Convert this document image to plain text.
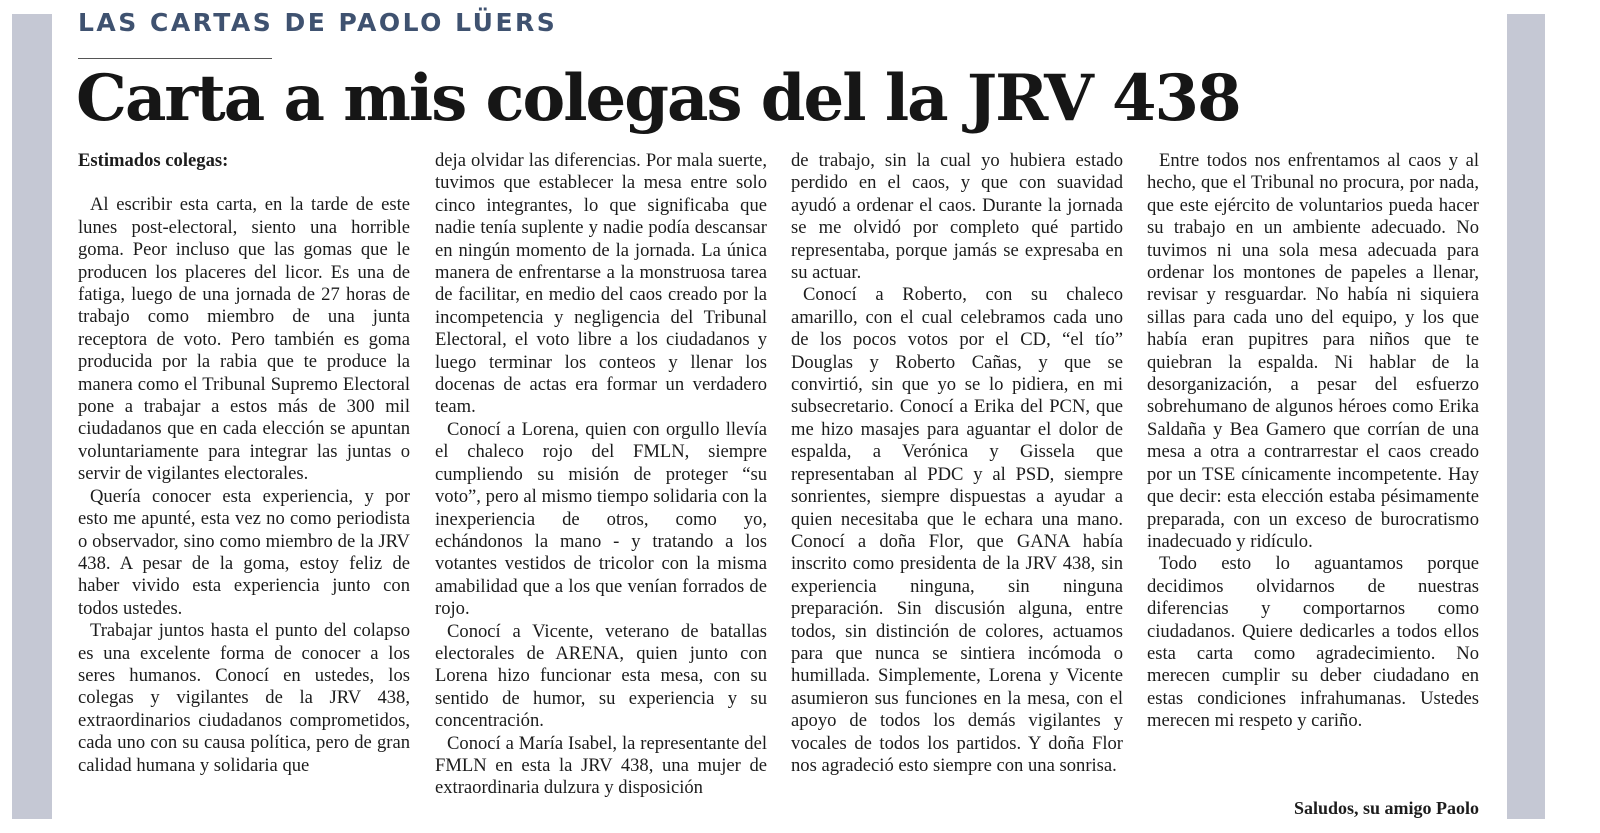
LAS CARTAS DE PAOLO LÜERS
Carta a mis colegas del la JRV 438

Estimados colegas:

Al escribir esta carta, en la tarde de este lunes post-electoral, siento una horrible goma. Peor incluso que las gomas que le producen los placeres del licor. Es una de fatiga, luego de una jornada de 27 horas de trabajo como miembro de una junta receptora de voto. Pero también es goma producida por la rabia que te produce la manera como el Tribunal Supremo Electoral pone a trabajar a estos más de 300 mil ciudadanos que en cada elección se apuntan voluntariamente para integrar las juntas o servir de vigilantes electorales.

Quería conocer esta experiencia, y por esto me apunté, esta vez no como periodista o observador, sino como miembro de la JRV 438. A pesar de la goma, estoy feliz de haber vivido esta experiencia junto con todos ustedes.

Trabajar juntos hasta el punto del colapso es una excelente forma de conocer a los seres humanos. Conocí en ustedes, los colegas y vigilantes de la JRV 438, extraordinarios ciudadanos comprometidos, cada uno con su causa política, pero de gran calidad humana y solidaria que

deja olvidar las diferencias. Por mala suerte, tuvimos que establecer la mesa entre solo cinco integrantes, lo que significaba que nadie tenía suplente y nadie podía descansar en ningún momento de la jornada. La única manera de enfrentarse a la monstruosa tarea de facilitar, en medio del caos creado por la incompetencia y negligencia del Tribunal Electoral, el voto libre a los ciudadanos y luego terminar los conteos y llenar los docenas de actas era formar un verdadero team.

Conocí a Lorena, quien con orgullo llevía el chaleco rojo del FMLN, siempre cumpliendo su misión de proteger “su voto”, pero al mismo tiempo solidaria con la inexperiencia de otros, como yo, echándonos la mano - y tratando a los votantes vestidos de tricolor con la misma amabilidad que a los que venían forrados de rojo.

Conocí a Vicente, veterano de batallas electorales de ARENA, quien junto con Lorena hizo funcionar esta mesa, con su sentido de humor, su experiencia y su concentración.

Conocí a María Isabel, la representante del FMLN en esta la JRV 438, una mujer de extraordinaria dulzura y disposición

de trabajo, sin la cual yo hubiera estado perdido en el caos, y que con suavidad ayudó a ordenar el caos. Durante la jornada se me olvidó por completo qué partido representaba, porque jamás se expresaba en su actuar.

Conocí a Roberto, con su chaleco amarillo, con el cual celebramos cada uno de los pocos votos por el CD, “el tío” Douglas y Roberto Cañas, y que se convirtió, sin que yo se lo pidiera, en mi subsecretario. Conocí a Erika del PCN, que me hizo masajes para aguantar el dolor de espalda, a Verónica y Gissela que representaban al PDC y al PSD, siempre sonrientes, siempre dispuestas a ayudar a quien necesitaba que le echara una mano. Conocí a doña Flor, que GANA había inscrito como presidenta de la JRV 438, sin experiencia ninguna, sin ninguna preparación. Sin discusión alguna, entre todos, sin distinción de colores, actuamos para que nunca se sintiera incómoda o humillada. Simplemente, Lorena y Vicente asumieron sus funciones en la mesa, con el apoyo de todos los demás vigilantes y vocales de todos los partidos. Y doña Flor nos agradeció esto siempre con una sonrisa.

Entre todos nos enfrentamos al caos y al hecho, que el Tribunal no procura, por nada, que este ejército de voluntarios pueda hacer su trabajo en un ambiente adecuado. No tuvimos ni una sola mesa adecuada para ordenar los montones de papeles a llenar, revisar y resguardar. No había ni siquiera sillas para cada uno del equipo, y los que había eran pupitres para niños que te quiebran la espalda. Ni hablar de la desorganización, a pesar del esfuerzo sobrehumano de algunos héroes como Erika Saldaña y Bea Gamero que corrían de una mesa a otra a contrarrestar el caos creado por un TSE cínicamente incompetente. Hay que decir: esta elección estaba pésimamente preparada, con un exceso de burocratismo inadecuado y ridículo.

Todo esto lo aguantamos porque decidimos olvidarnos de nuestras diferencias y comportarnos como ciudadanos. Quiere dedicarles a todos ellos esta carta como agradecimiento. No merecen cumplir su deber ciudadano en estas condiciones infrahumanas. Ustedes merecen mi respeto y cariño.

Saludos, su amigo Paolo
